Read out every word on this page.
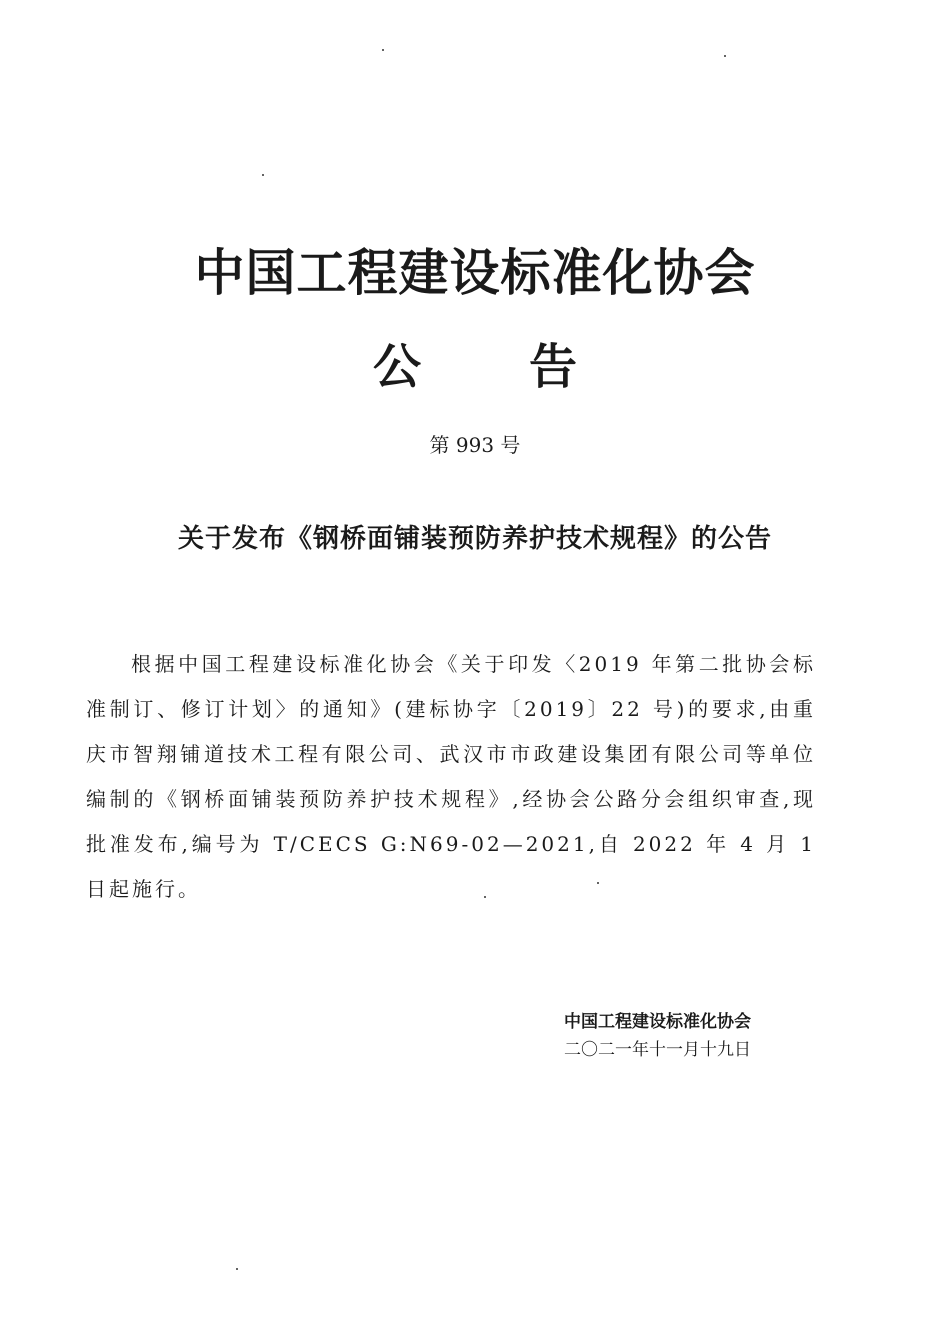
中国工程建设标准化协会
公告
第 993 号
关于发布《钢桥面铺装预防养护技术规程》的公告
根据中国工程建设标准化协会《关于印发〈2019 年第二批协会标准制订、修订计划〉的通知》(建标协字〔2019〕22 号)的要求,由重庆市智翔铺道技术工程有限公司、武汉市市政建设集团有限公司等单位编制的《钢桥面铺装预防养护技术规程》,经协会公路分会组织审查,现批准发布,编号为 T/CECS G:N69-02—2021,自 2022 年 4 月 1 日起施行。
中国工程建设标准化协会
二〇二一年十一月十九日
